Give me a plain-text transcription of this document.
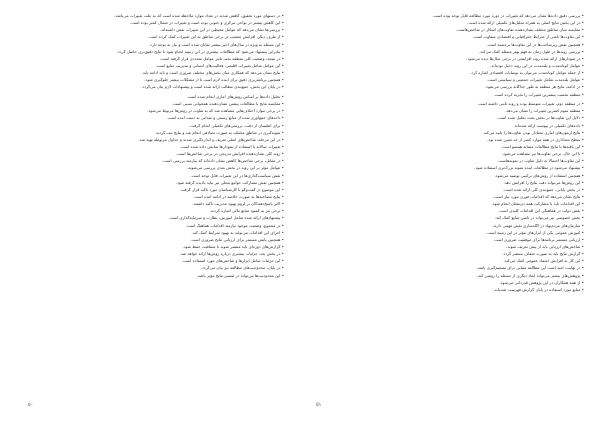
• در دستهای مورد تحقیق، کاهش شدید در تعداد موارد ملاحظه شده است که به علت تغییرات می‌باشد.
• این کاهش بیشتر در نواحی مرکزی و جنوبی بوده است و تغییرات در شمال کمتر بوده است.
• بررسی‌ها نشان می‌دهد که عوامل محیطی در این تغییرات نقش داشته‌اند.
• از طرف دیگر، افزایش جمعیت در برخی مناطق به این تغییرات کمک کرده است.
• این مسئله به ویژه در سال‌های اخیر بیشتر نمایان شده است و نیاز به توجه دارد.
• بنابراین پیشنهاد می‌شود که مطالعات بیشتری در این زمینه انجام شود تا نتایج دقیق‌تری حاصل گردد.
• در نتیجه، وضعیت کلی منطقه تحت تأثیر عوامل متعددی قرار گرفته است.
• این عوامل شامل تغییرات اقلیمی، فعالیت‌های انسانی و مدیریت منابع است.
• نتایج نشان می‌دهد که همکاری میان بخش‌های مختلف ضروری است و باید ادامه یابد.
• همچنین برنامه‌ریزی دقیق برای آینده لازم است تا از مشکلات بیشتر جلوگیری شود.
• در پایان این بخش، جمع‌بندی مطالب ارائه شده است و پیشنهادات لازم بیان می‌گردد.
• تحلیل داده‌ها بر اساس روش‌های آماری انجام شده است.
• مقایسه نتایج با مطالعات پیشین نشان‌دهنده همخوانی نسبی است.
• در برخی موارد اختلاف‌هایی مشاهده شد که به تفاوت در روش‌ها مربوط می‌شود.
• داده‌های جمع‌آوری شده از منابع رسمی و میدانی به دست آمده است.
• برای اطمینان از دقت، بررسی‌های تکمیلی انجام گرفت.
• نمونه‌گیری در مناطق مختلف به صورت تصادفی انجام شد و نتایج ثبت گردید.
• در این مرحله، شاخص‌های اصلی تعریف و اندازه‌گیری شدند و جداول مربوطه تهیه شد.
• تغییرات سالانه با استفاده از نمودارها نمایش داده شده است.
• روند کلی نشان‌دهنده افزایش تدریجی در برخی شاخص‌ها است.
• در مقابل، برخی شاخص‌ها کاهش نشان داده‌اند که نیازمند بررسی است.
• عوامل مؤثر بر این روند در بخش بعدی بررسی می‌شوند.
• نقش سیاست‌گذاری‌ها در این تغییرات قابل توجه است.
• همچنین نقش مشارکت جوامع محلی نیز نباید نادیده گرفته شود.
• این موضوع در گفت‌وگو با کارشناسان مورد تأکید قرار گرفت.
• نتایج مصاحبه‌ها به صورت خلاصه در ادامه آمده است.
• اکثر پاسخ‌دهندگان بر لزوم بهبود مدیریت تأکید داشتند.
• برخی نیز به کمبود منابع مالی اشاره کردند.
• پیشنهادهای ارائه شده شامل آموزش، نظارت و سرمایه‌گذاری است.
• در مجموع، وضعیت موجود نیازمند اقدامات هماهنگ است.
• اجرای این اقدامات می‌تواند به بهبود شرایط کمک کند.
• همچنین پایش مستمر برای ارزیابی نتایج ضروری است.
• گزارش‌های دوره‌ای باید منتشر شوند تا شفافیت حفظ شود.
• در بخش بعد، جزئیات بیشتری درباره روش‌ها ارائه خواهد شد.
• این جزئیات شامل ابزارها و شاخص‌های مورد استفاده است.
• در پایان، محدودیت‌های مطالعه نیز بیان می‌گردد.
• این محدودیت‌ها می‌تواند در تفسیر نتایج مؤثر باشد.
٥٠
• بررسی دقیق داده‌ها نشان می‌دهد که تغییرات در دوره مورد مطالعه قابل توجه بوده است.
• در این بخش نتایج اصلی به همراه تحلیل‌های تکمیلی ارائه شده است.
• مقایسه میان مناطق مختلف نشان‌دهنده تفاوت‌های آشکار در شاخص‌هاست.
• این تفاوت‌ها ناشی از شرایط جغرافیایی و اقتصادی متفاوت است.
• همچنین نقش زیرساخت‌ها در این تفاوت‌ها برجسته است.
• بررسی روندها در طول زمان به فهم بهتر مسئله کمک می‌کند.
• در نمودارهای ارائه شده روند افزایشی در برخی سال‌ها دیده می‌شود.
• عوامل کوتاه‌مدت و بلندمدت در این روند دخیل بوده‌اند.
• از جمله عوامل کوتاه‌مدت می‌توان به نوسانات اقتصادی اشاره کرد.
• عوامل بلندمدت شامل تغییرات جمعیتی و سیاستی است.
• در ادامه، نتایج هر منطقه به طور جداگانه بررسی می‌شود.
• منطقه نخست بیشترین تغییرات را تجربه کرده است.
• در منطقه دوم، تغییرات متوسط بوده و روند ثابتی داشته است.
• منطقه سوم کمترین تغییرات را نشان می‌دهد.
• دلایل این تفاوت‌ها در بخش بحث تحلیل شده است.
• داده‌های تکمیلی در پیوست ارائه شده‌اند.
• نتایج آزمون‌های آماری معنادار بودن تفاوت‌ها را تأیید می‌کند.
• سطح معناداری در همه موارد کمتر از حد تعیین شده بود.
• این یافته‌ها با نتایج مطالعات مشابه همسو است.
• با این حال، برخی تفاوت‌ها نیز مشاهده می‌شود.
• این تفاوت‌ها احتمالاً به دلیل تفاوت در نمونه‌هاست.
• پیشنهاد می‌شود در مطالعات آینده نمونه بزرگ‌تری استفاده شود.
• همچنین استفاده از روش‌های ترکیبی توصیه می‌شود.
• این روش‌ها می‌تواند دقت نتایج را افزایش دهد.
• در بخش پایانی، جمع‌بندی کلی ارائه شده است.
• نتایج نشان می‌دهد که اقدامات فوری مورد نیاز است.
• این اقدامات باید با مشارکت همه ذی‌نفعان انجام شود.
• نقش دولت در هماهنگی این اقدامات کلیدی است.
• بخش خصوصی نیز می‌تواند در تأمین منابع کمک کند.
• سازمان‌های مردم‌نهاد در آگاه‌سازی نقش مهمی دارند.
• آموزش عمومی یکی از ابزارهای مؤثر در این زمینه است.
• ارزیابی مستمر برنامه‌ها برای موفقیت ضروری است.
• شاخص‌های ارزیابی باید از پیش تعریف شوند.
• گزارش نتایج باید به صورت شفاف منتشر گردد.
• این کار به افزایش اعتماد عمومی کمک می‌کند.
• در نهایت، امید است این مطالعه مبنایی برای تصمیم‌گیری باشد.
• پژوهش‌های بیشتر می‌تواند ابعاد دیگری از مسئله را روشن کند.
• از همه همکاران در این پژوهش قدردانی می‌شود.
• منابع مورد استفاده در پایان گزارش فهرست شده‌اند.
٥١
